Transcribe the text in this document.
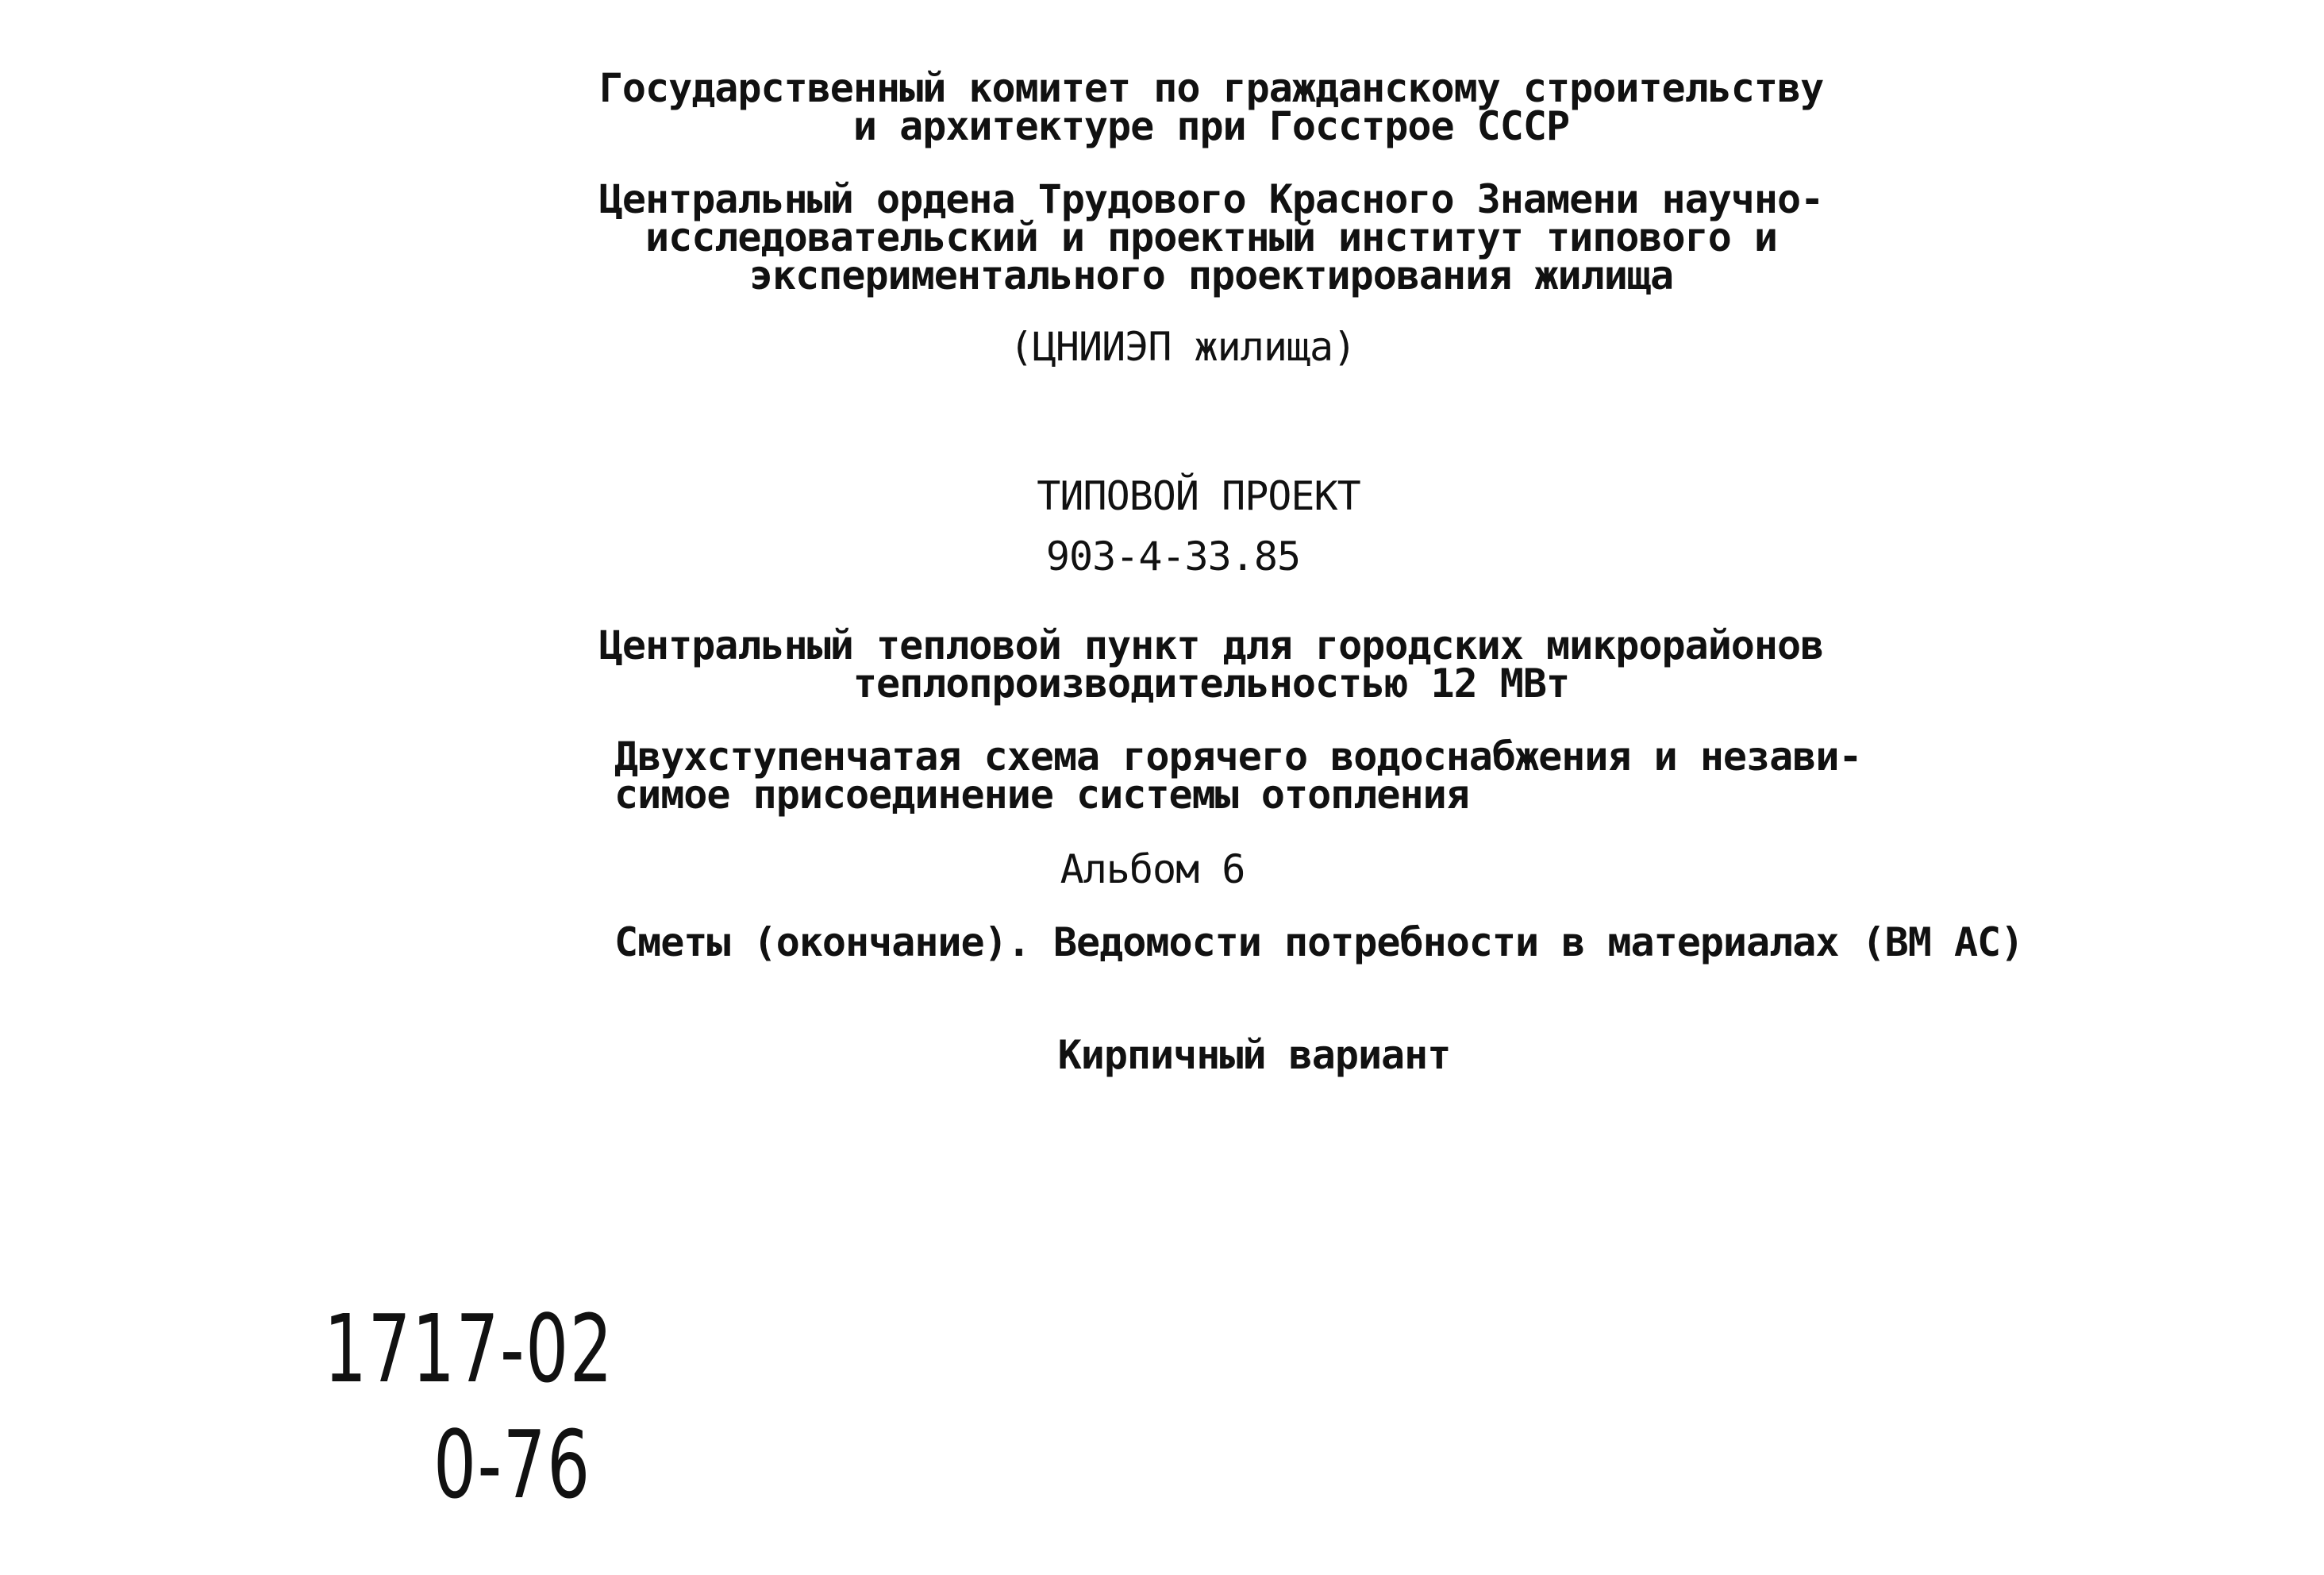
Государственный комитет по гражданскому строительству
и архитектуре при Госстрое СССР
Центральный ордена Трудового Красного Знамени научно-
исследовательский и проектный институт типового и
экспериментального проектирования жилища
(ЦНИИЭП жилища)
ТИПОВОЙ ПРОЕКТ
903-4-33.85
Центральный тепловой пункт для городских микрорайонов
теплопроизводительностью 12 МВт
Двухступенчатая схема горячего водоснабжения и незави-
симое присоединение системы отопления
Альбом 6
Сметы (окончание). Ведомости потребности в материалах (ВМ АС)
Кирпичный вариант
1717-02
0-76
